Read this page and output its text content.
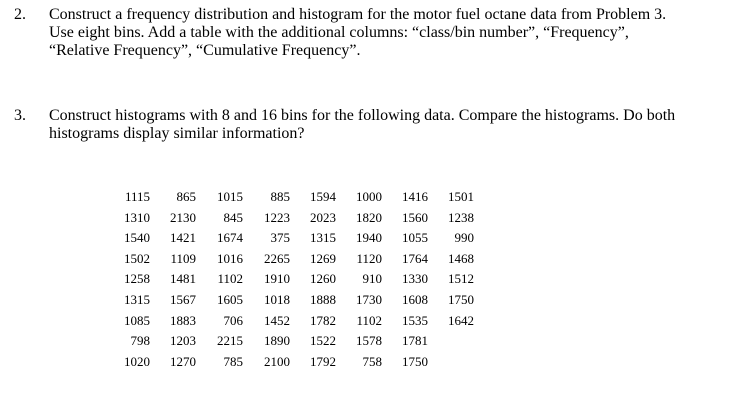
2. Construct a frequency distribution and histogram for the motor fuel octane data from Problem 3.
Use eight bins. Add a table with the additional columns: “class/bin number”, “Frequency”,
“Relative Frequency”, “Cumulative Frequency”.
3. Construct histograms with 8 and 16 bins for the following data. Compare the histograms. Do both
histograms display similar information?
1115	865	1015	885	1594	1000	1416	1501
1310	2130	845	1223	2023	1820	1560	1238
1540	1421	1674	375	1315	1940	1055	990
1502	1109	1016	2265	1269	1120	1764	1468
1258	1481	1102	1910	1260	910	1330	1512
1315	1567	1605	1018	1888	1730	1608	1750
1085	1883	706	1452	1782	1102	1535	1642
798	1203	2215	1890	1522	1578	1781	
1020	1270	785	2100	1792	758	1750	
